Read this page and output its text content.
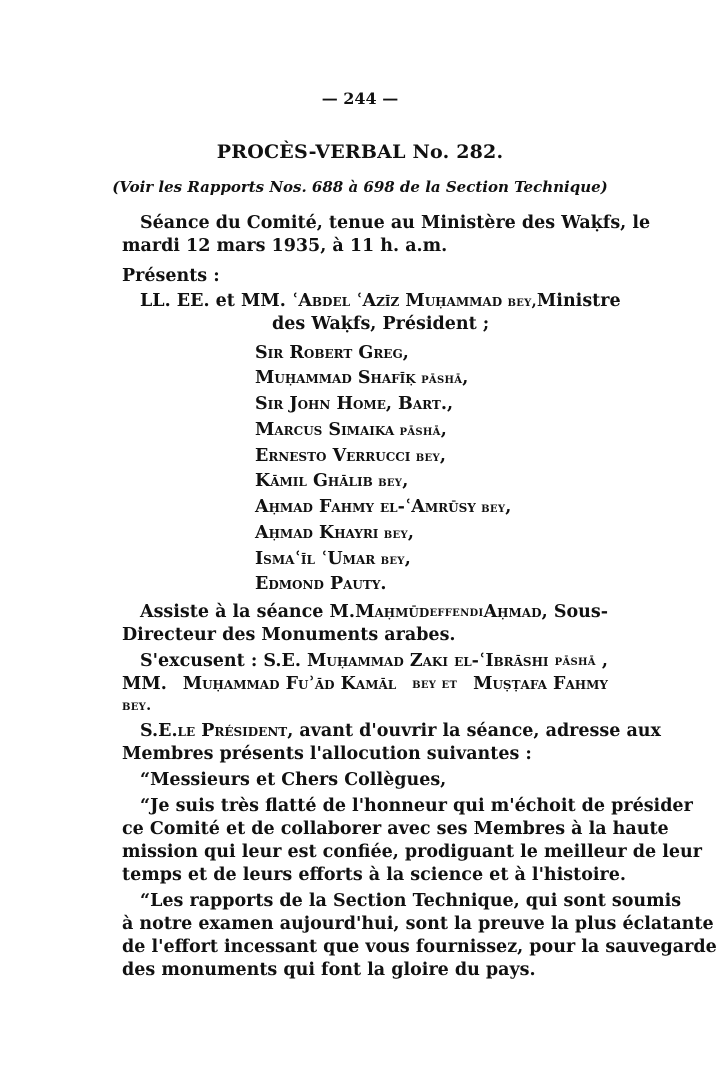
— 244 —
PROCÈS-VERBAL No. 282.
(Voir les Rapports Nos. 688 à 698 de la Section Technique)
Séance du Comité, tenue au Ministère des Waḳfs, le
mardi 12 mars 1935, à 11 h. a.m.
Présents :
LL. EE. et MM. ʿAbdel ʿAzīz Muḥammad bey, Ministre
des Waḳfs, Président ;
Sir Robert Greg,
Muḥammad Shafīḳ pāshā,
Sir John Home, Bart.,
Marcus Simaika pāshā,
Ernesto Verrucci bey,
Kāmil Ghālib bey,
Aḥmad Fahmy el-ʿAmrūsy bey,
Aḥmad Khayri bey,
Ismaʿīl ʿUmar bey,
Edmond Pauty.
Assiste à la séance M. Maḥmūd effendi Aḥmad , Sous-
Directeur des Monuments arabes.
S'excusent : S.E. Muḥammad Zaki el-ʿIbrāshi pāshā ,
MM. Muḥammad Fuʾād Kamāl bey et Muṣṭafa Fahmy
bey.
S.E. le Président , avant d'ouvrir la séance, adresse aux
Membres présents l'allocution suivantes :
“Messieurs et Chers Collègues,
“Je suis très flatté de l'honneur qui m'échoit de présider
ce Comité et de collaborer avec ses Membres à la haute
mission qui leur est confiée, prodiguant le meilleur de leur
temps et de leurs efforts à la science et à l'histoire.
“Les rapports de la Section Technique, qui sont soumis
à notre examen aujourd'hui, sont la preuve la plus éclatante
de l'effort incessant que vous fournissez, pour la sauvegarde
des monuments qui font la gloire du pays.
